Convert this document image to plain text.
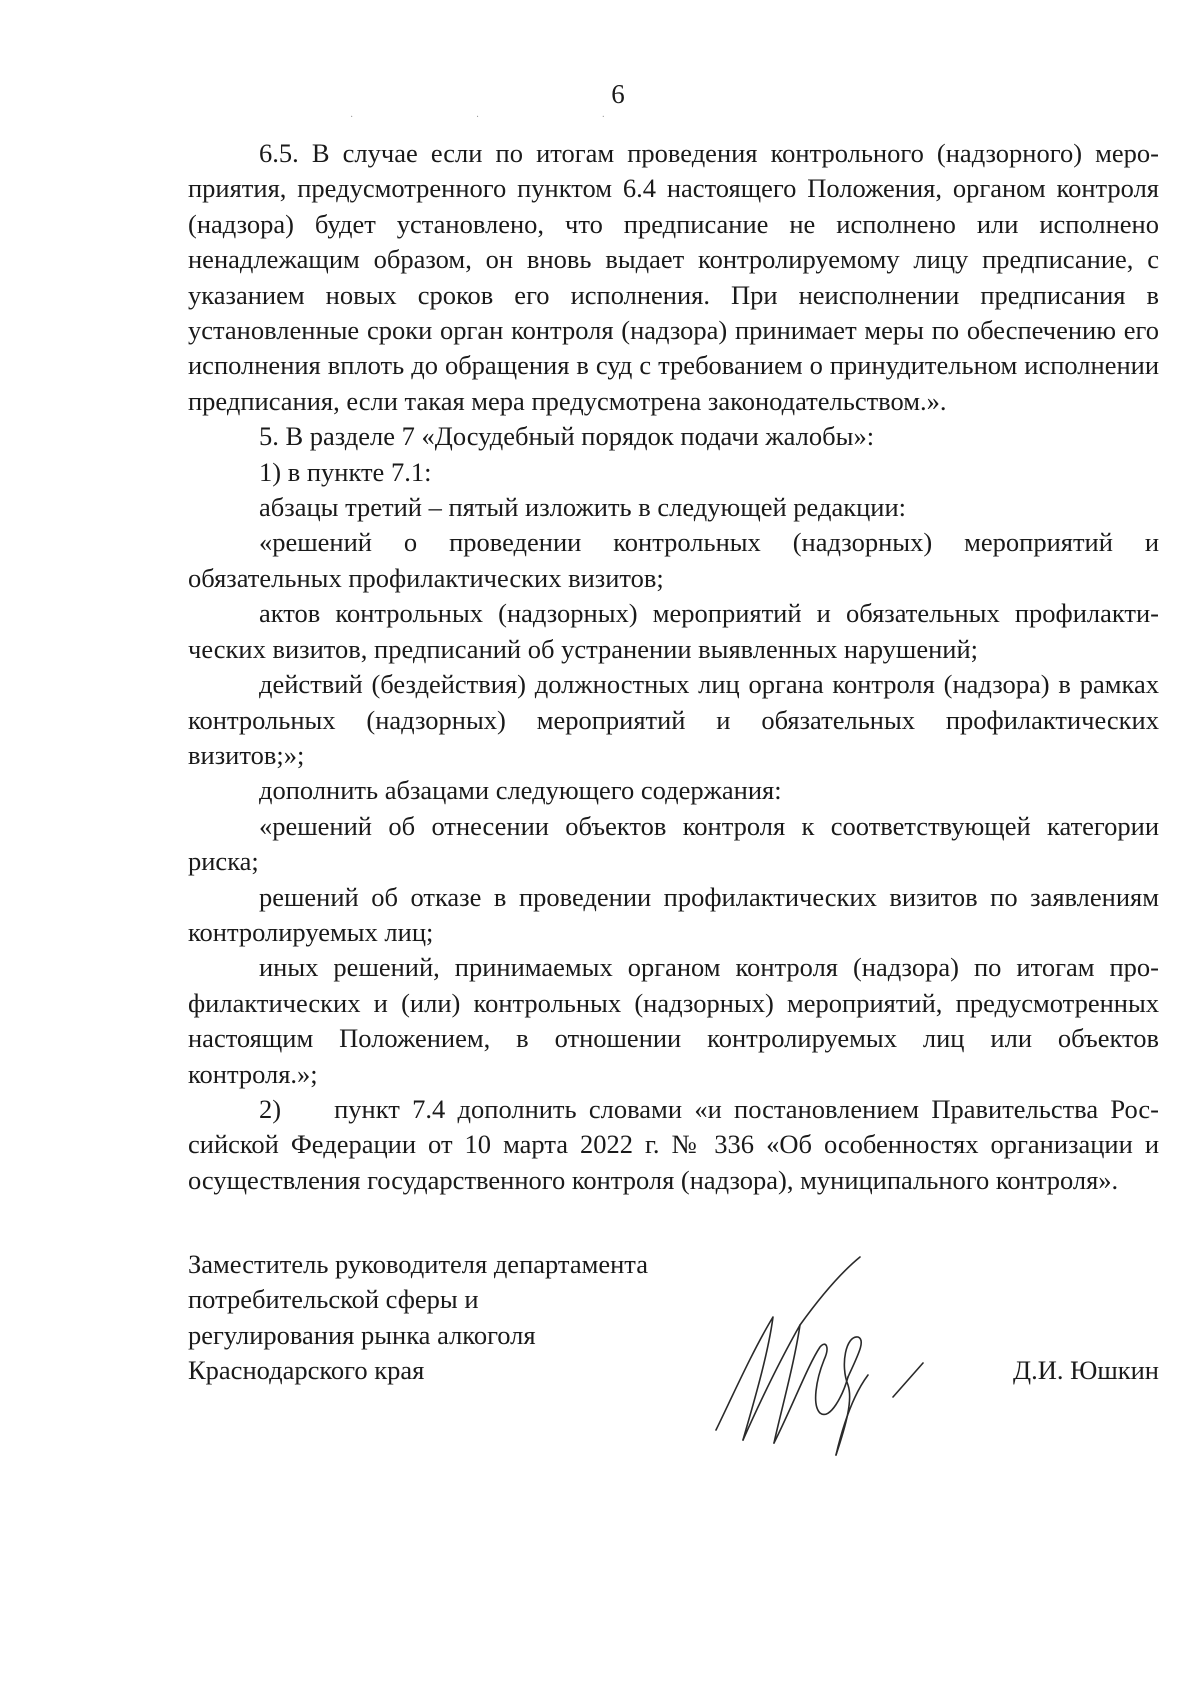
6
· · ·

6.5. В случае если по итогам проведения контрольного (надзорного) мероприятия, предусмотренного пунктом 6.4 настоящего Положения, органом контроля (надзора) будет установлено, что предписание не исполнено или исполнено ненадлежащим образом, он вновь выдает контролируемому лицу предписание, с указанием новых сроков его исполнения. При неисполнении предписания в установленные сроки орган контроля (надзора) принимает меры по обеспечению его исполнения вплоть до обращения в суд с требованием о принудительном исполнении предписания, если такая мера предусмотрена законодательством.».

5. В разделе 7 «Досудебный порядок подачи жалобы»:

1) в пункте 7.1:

абзацы третий – пятый изложить в следующей редакции:

«решений о проведении контрольных (надзорных) мероприятий и обязательных профилактических визитов;

актов контрольных (надзорных) мероприятий и обязательных профилактических визитов, предписаний об устранении выявленных нарушений;

действий (бездействия) должностных лиц органа контроля (надзора) в рамках контрольных (надзорных) мероприятий и обязательных профилактических визитов;»;

дополнить абзацами следующего содержания:

«решений об отнесении объектов контроля к соответствующей категории риска;

решений об отказе в проведении профилактических визитов по заявлениям контролируемых лиц;

иных решений, принимаемых органом контроля (надзора) по итогам профилактических и (или) контрольных (надзорных) мероприятий, предусмотренных настоящим Положением, в отношении контролируемых лиц или объектов контроля.»;

2)  пункт 7.4 дополнить словами «и постановлением Правительства Российской Федерации от 10 марта 2022 г. № 336 «Об особенностях организации и осуществления государственного контроля (надзора), муниципального контроля».

Заместитель руководителя департамента
потребительской сферы и
регулирования рынка алкоголя
Краснодарского края	Д.И. Юшкин
